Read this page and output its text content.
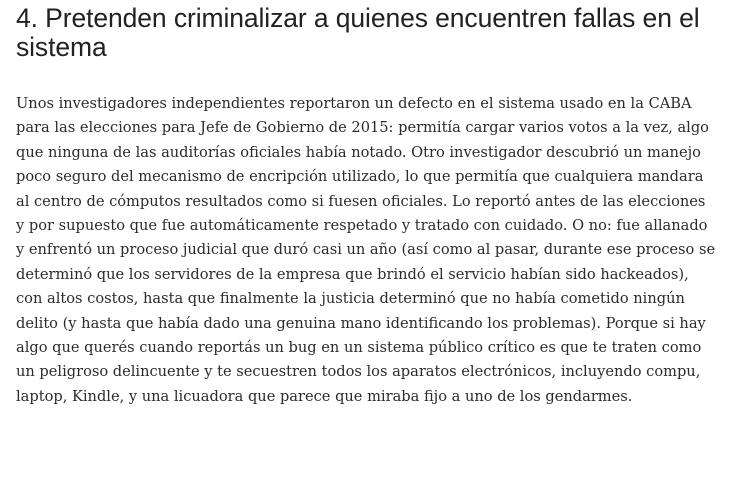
4. Pretenden criminalizar a quienes encuentren fallas en el
sistema

Unos investigadores independientes reportaron un defecto en el sistema usado en la CABA
para las elecciones para Jefe de Gobierno de 2015: permitía cargar varios votos a la vez, algo
que ninguna de las auditorías oficiales había notado. Otro investigador descubrió un manejo
poco seguro del mecanismo de encripción utilizado, lo que permitía que cualquiera mandara
al centro de cómputos resultados como si fuesen oficiales. Lo reportó antes de las elecciones
y por supuesto que fue automáticamente respetado y tratado con cuidado. O no: fue allanado
y enfrentó un proceso judicial que duró casi un año (así como al pasar, durante ese proceso se
determinó que los servidores de la empresa que brindó el servicio habían sido hackeados),
con altos costos, hasta que finalmente la justicia determinó que no había cometido ningún
delito (y hasta que había dado una genuina mano identificando los problemas). Porque si hay
algo que querés cuando reportás un bug en un sistema público crítico es que te traten como
un peligroso delincuente y te secuestren todos los aparatos electrónicos, incluyendo compu,
laptop, Kindle, y una licuadora que parece que miraba fijo a uno de los gendarmes.
